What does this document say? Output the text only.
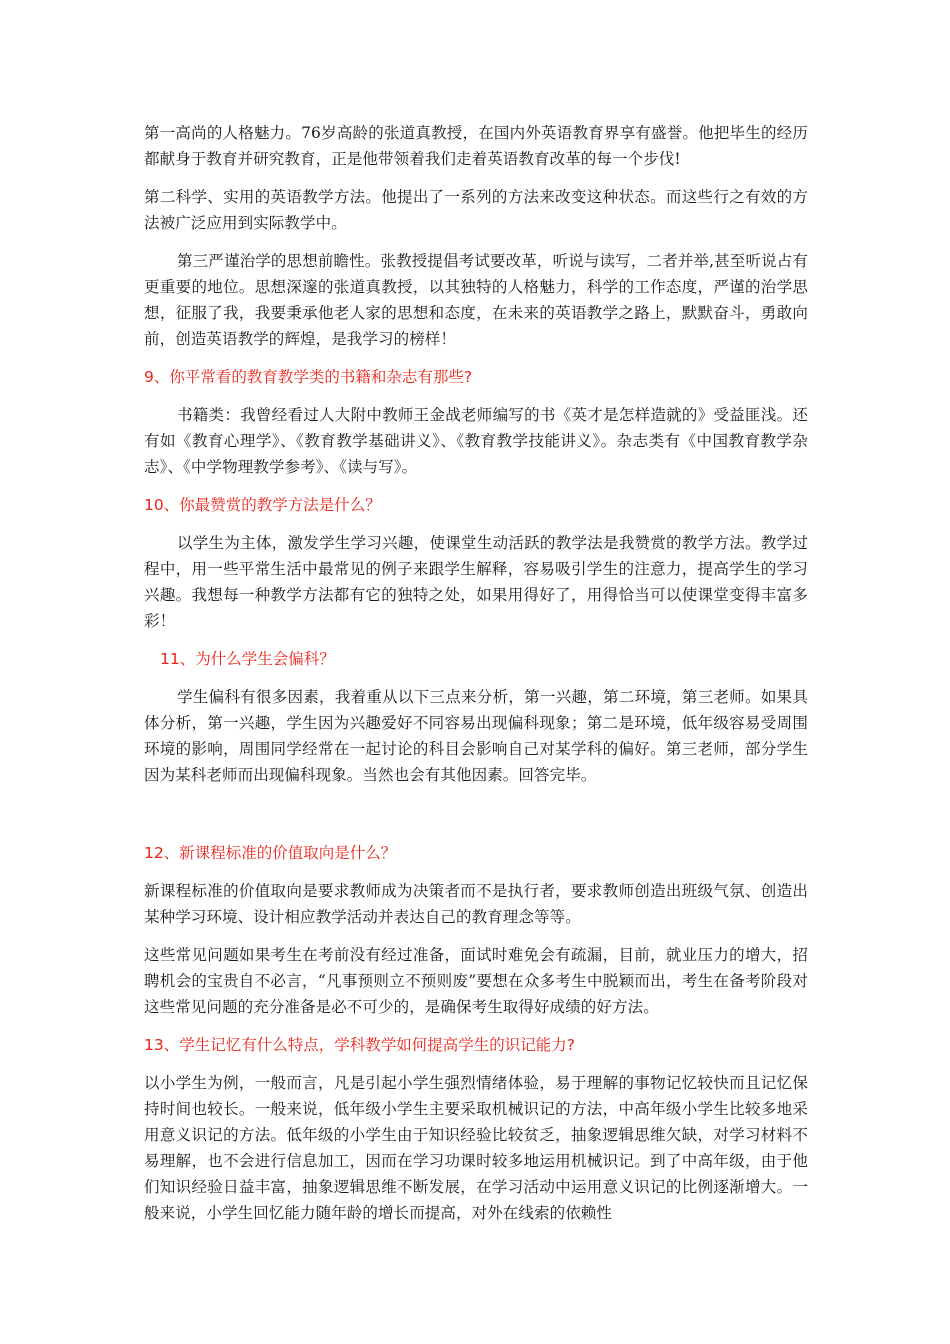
第一高尚的人格魅力。76岁高龄的张道真教授，在国内外英语教育界享有盛誉。他把毕生的经历都献身于教育并研究教育，正是他带领着我们走着英语教育改革的每一个步伐!

第二科学、实用的英语教学方法。他提出了一系列的方法来改变这种状态。而这些行之有效的方法被广泛应用到实际教学中。

第三严谨治学的思想前瞻性。张教授提倡考试要改革，听说与读写，二者并举,甚至听说占有更重要的地位。思想深邃的张道真教授，以其独特的人格魅力，科学的工作态度，严谨的治学思想，征服了我，我要秉承他老人家的思想和态度，在未来的英语教学之路上，默默奋斗，勇敢向前，创造英语教学的辉煌，是我学习的榜样！

9、你平常看的教育教学类的书籍和杂志有那些?

书籍类：我曾经看过人大附中教师王金战老师编写的书《英才是怎样造就的》受益匪浅。还有如《教育心理学》、《教育教学基础讲义》、《教育教学技能讲义》。杂志类有《中国教育教学杂志》、《中学物理教学参考》、《读与写》。

10、你最赞赏的教学方法是什么？

以学生为主体，激发学生学习兴趣，使课堂生动活跃的教学法是我赞赏的教学方法。教学过程中，用一些平常生活中最常见的例子来跟学生解释，容易吸引学生的注意力，提高学生的学习兴趣。我想每一种教学方法都有它的独特之处，如果用得好了，用得恰当可以使课堂变得丰富多彩！

11、为什么学生会偏科？

学生偏科有很多因素，我着重从以下三点来分析，第一兴趣，第二环境，第三老师。如果具体分析，第一兴趣，学生因为兴趣爱好不同容易出现偏科现象；第二是环境，低年级容易受周围环境的影响，周围同学经常在一起讨论的科目会影响自己对某学科的偏好。第三老师，部分学生因为某科老师而出现偏科现象。当然也会有其他因素。回答完毕。

12、新课程标准的价值取向是什么？

新课程标准的价值取向是要求教师成为决策者而不是执行者，要求教师创造出班级气氛、创造出某种学习环境、设计相应教学活动并表达自己的教育理念等等。

这些常见问题如果考生在考前没有经过准备，面试时难免会有疏漏，目前，就业压力的增大，招聘机会的宝贵自不必言，“凡事预则立不预则废”要想在众多考生中脱颖而出，考生在备考阶段对这些常见问题的充分准备是必不可少的，是确保考生取得好成绩的好方法。

13、学生记忆有什么特点，学科教学如何提高学生的识记能力?

以小学生为例，一般而言，凡是引起小学生强烈情绪体验，易于理解的事物记忆较快而且记忆保持时间也较长。一般来说，低年级小学生主要采取机械识记的方法，中高年级小学生比较多地采用意义识记的方法。低年级的小学生由于知识经验比较贫乏，抽象逻辑思维欠缺，对学习材料不易理解，也不会进行信息加工，因而在学习功课时较多地运用机械识记。到了中高年级，由于他们知识经验日益丰富，抽象逻辑思维不断发展，在学习活动中运用意义识记的比例逐渐增大。一般来说，小学生回忆能力随年龄的增长而提高，对外在线索的依赖性
